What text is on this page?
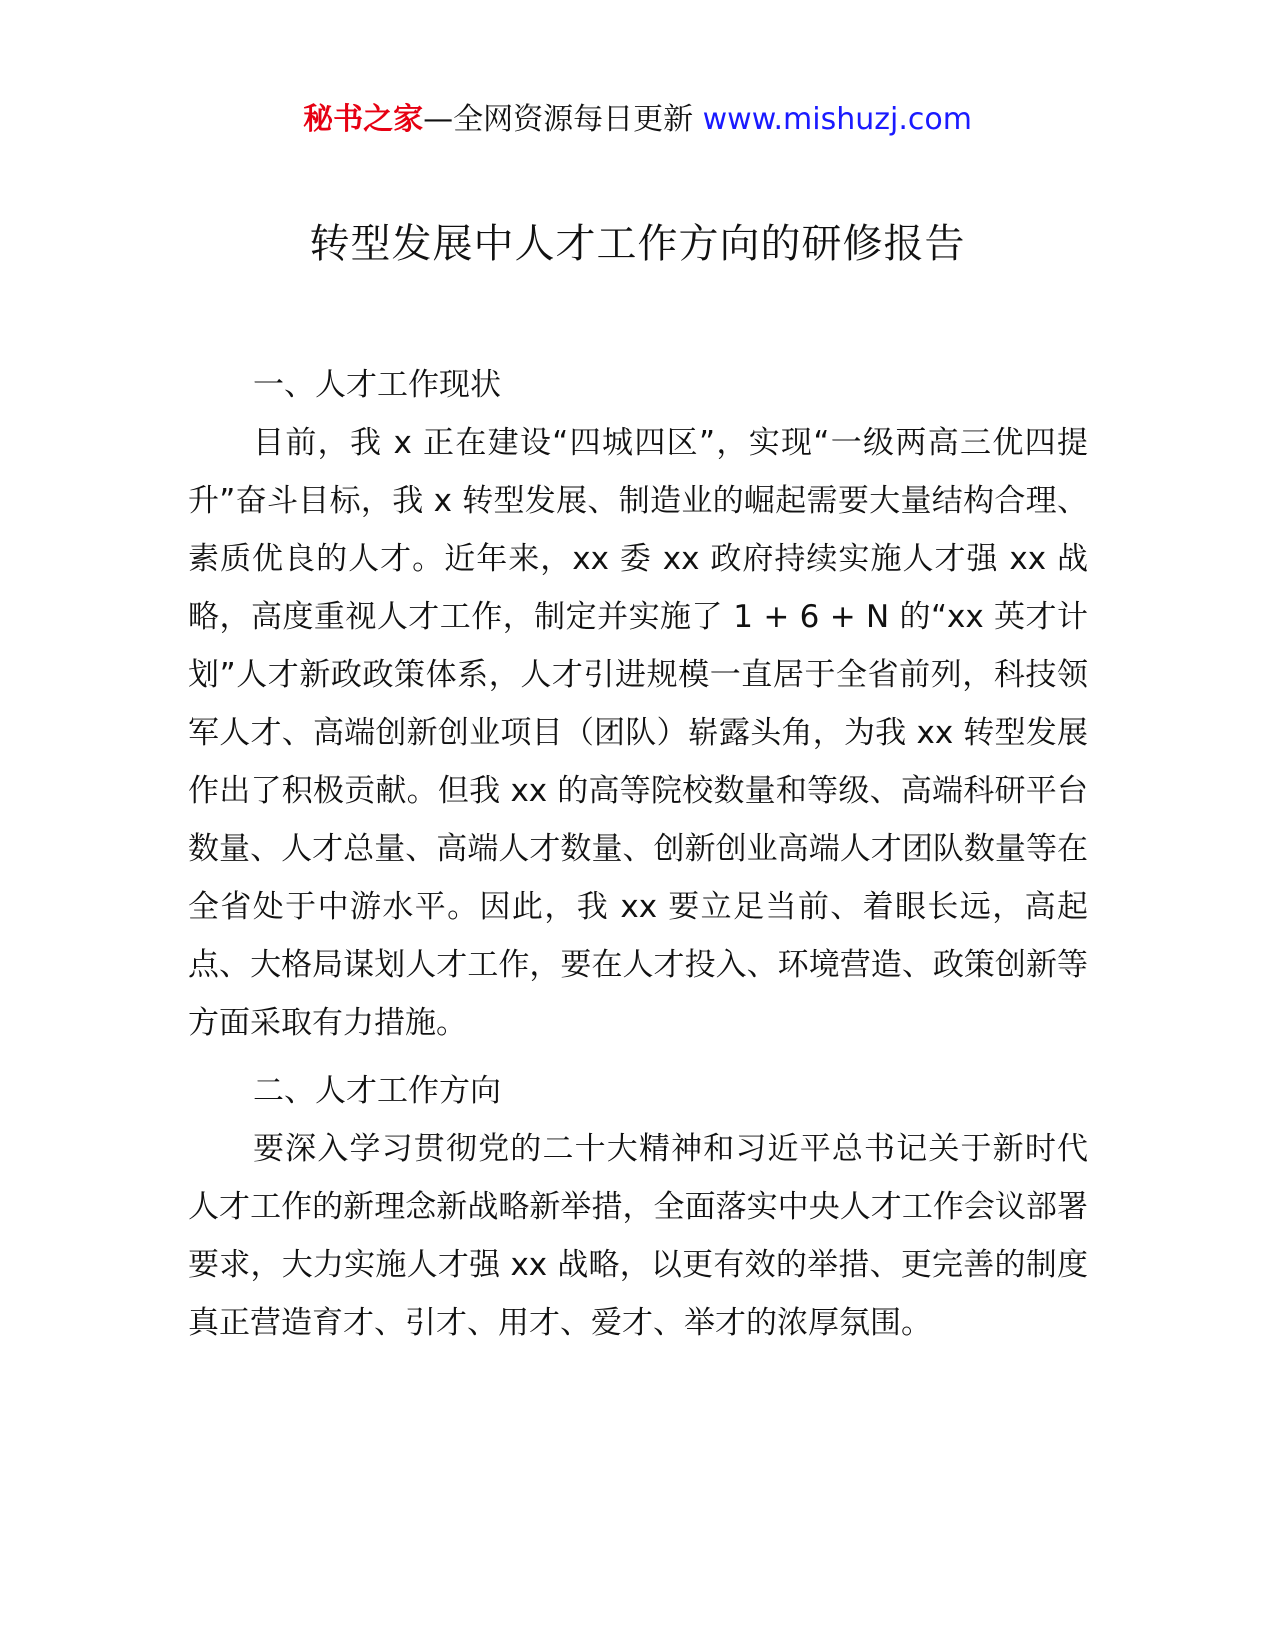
秘书之家—全网资源每日更新 www.mishuzj.com
转型发展中人才工作方向的研修报告

一、人才工作现状

目前，我 x 正在建设“四城四区”，实现“一级两高三优四提升”奋斗目标，我 x 转型发展、制造业的崛起需要大量结构合理、素质优良的人才。近年来，xx 委 xx 政府持续实施人才强 xx 战略，高度重视人才工作，制定并实施了 1 + 6 + N 的“xx 英才计划”人才新政政策体系，人才引进规模一直居于全省前列，科技领军人才、高端创新创业项目（团队）崭露头角，为我 xx 转型发展作出了积极贡献。但我 xx 的高等院校数量和等级、高端科研平台数量、人才总量、高端人才数量、创新创业高端人才团队数量等在全省处于中游水平。因此，我 xx 要立足当前、着眼长远，高起点、大格局谋划人才工作，要在人才投入、环境营造、政策创新等方面采取有力措施。

二、人才工作方向

要深入学习贯彻党的二十大精神和习近平总书记关于新时代人才工作的新理念新战略新举措，全面落实中央人才工作会议部署要求，大力实施人才强 xx 战略，以更有效的举措、更完善的制度真正营造育才、引才、用才、爱才、举才的浓厚氛围。
